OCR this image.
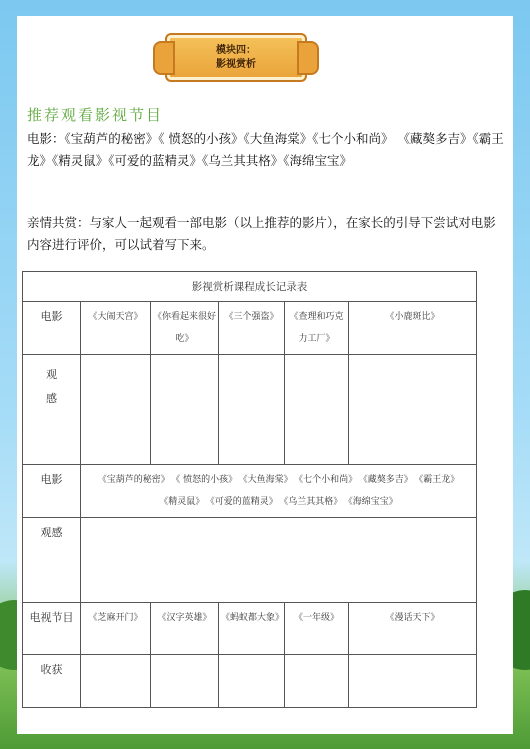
模块四：
影视赏析
推荐观看影视节目
电影：《宝葫芦的秘密》《 愤怒的小孩》《大鱼海棠》《七个小和尚》 《藏獒多吉》《霸王龙》《精灵鼠》《可爱的蓝精灵》《乌兰其其格》《海绵宝宝》
亲情共赏：与家人一起观看一部电影（以上推荐的影片），在家长的引导下尝试对电影内容进行评价，可以试着写下来。
影视赏析课程成长记录表					
电影	《大闹天宫》	《你看起来很好吃》	《三个强盗》	《查理和巧克力工厂》	《小鹿斑比》
观感					
电影	《宝葫芦的秘密》 《 愤怒的小孩》 《大鱼海棠》 《七个小和尚》 《藏獒多吉》 《霸王龙》
《精灵鼠》 《可爱的蓝精灵》 《乌兰其其格》 《海绵宝宝》				
观感					
电视节目	《芝麻开门》	《汉字英雄》	《蚂蚁都大象》	《一年级》	《漫话天下》
收获					
